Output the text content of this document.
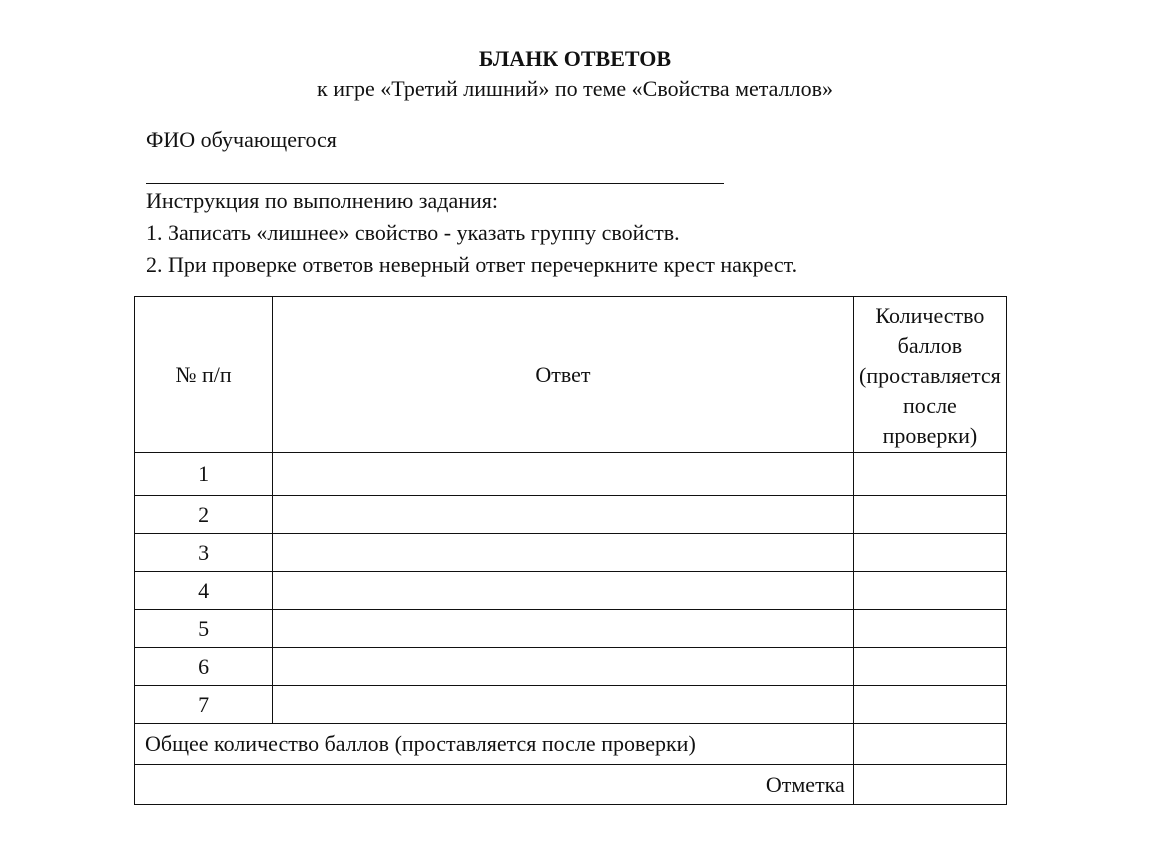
БЛАНК ОТВЕТОВ
к игре «Третий лишний» по теме «Свойства металлов»
ФИО обучающегося
Инструкция по выполнению задания:
1. Записать «лишнее» свойство - указать группу свойств.
2. При проверке ответов неверный ответ перечеркните крест накрест.
№ п/п	Ответ	Количество баллов (проставляется после проверки)
1		
2		
3		
4		
5		
6		
7		
Общее количество баллов (проставляется после проверки)		
Отметка		
